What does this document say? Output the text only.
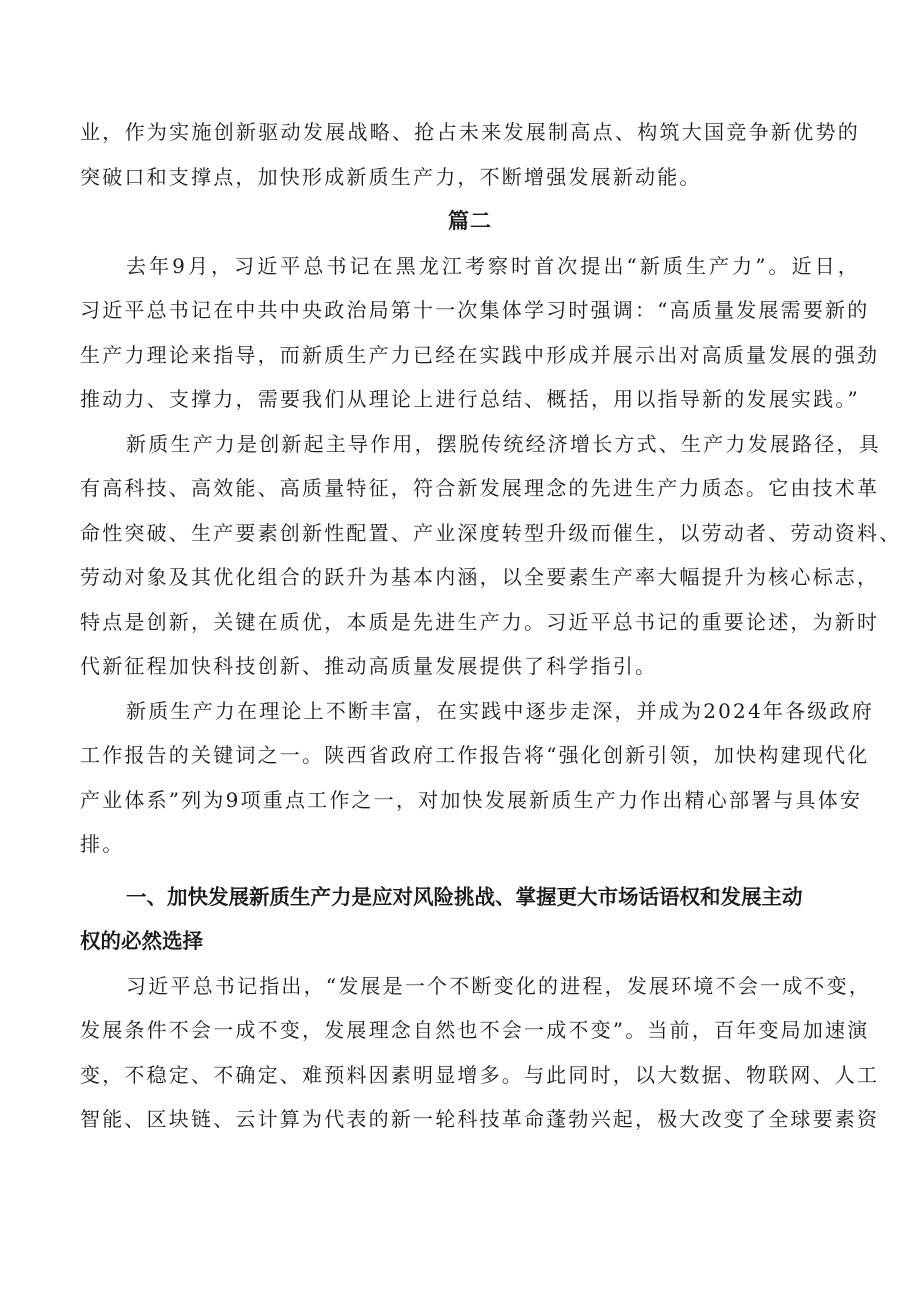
业，作为实施创新驱动发展战略、抢占未来发展制高点、构筑大国竞争新优势的
突破口和支撑点，加快形成新质生产力，不断增强发展新动能。
篇二
去年9月，习近平总书记在黑龙江考察时首次提出“新质生产力”。近日，
习近平总书记在中共中央政治局第十一次集体学习时强调：“高质量发展需要新的
生产力理论来指导，而新质生产力已经在实践中形成并展示出对高质量发展的强劲
推动力、支撑力，需要我们从理论上进行总结、概括，用以指导新的发展实践。”
新质生产力是创新起主导作用，摆脱传统经济增长方式、生产力发展路径，具
有高科技、高效能、高质量特征，符合新发展理念的先进生产力质态。它由技术革
命性突破、生产要素创新性配置、产业深度转型升级而催生，以劳动者、劳动资料、
劳动对象及其优化组合的跃升为基本内涵，以全要素生产率大幅提升为核心标志，
特点是创新，关键在质优，本质是先进生产力。习近平总书记的重要论述，为新时
代新征程加快科技创新、推动高质量发展提供了科学指引。
新质生产力在理论上不断丰富，在实践中逐步走深，并成为2024年各级政府
工作报告的关键词之一。陕西省政府工作报告将“强化创新引领，加快构建现代化
产业体系”列为9项重点工作之一，对加快发展新质生产力作出精心部署与具体安
排。
一、加快发展新质生产力是应对风险挑战、掌握更大市场话语权和发展主动
权的必然选择
习近平总书记指出，“发展是一个不断变化的进程，发展环境不会一成不变，
发展条件不会一成不变，发展理念自然也不会一成不变”。当前，百年变局加速演
变，不稳定、不确定、难预料因素明显增多。与此同时，以大数据、物联网、人工
智能、区块链、云计算为代表的新一轮科技革命蓬勃兴起，极大改变了全球要素资
